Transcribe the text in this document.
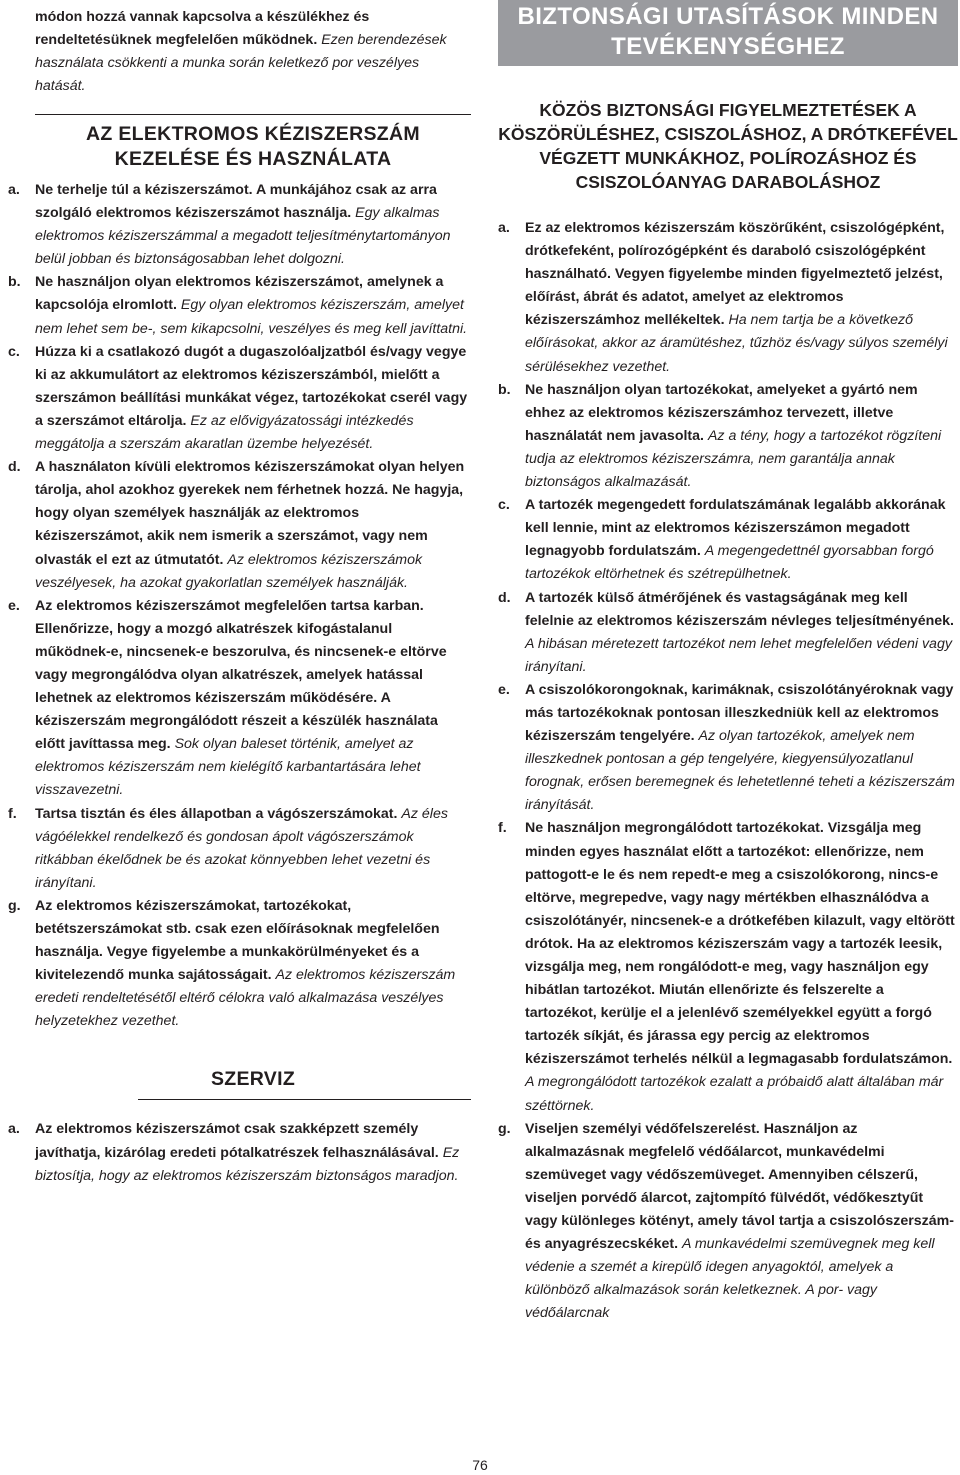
módon hozzá vannak kapcsolva a készülékhez és rendeltetésüknek megfelelően működnek. Ezen berendezések használata csökkenti a munka során keletkező por veszélyes hatását.
AZ ELEKTROMOS KÉZISZERSZÁM KEZELÉSE ÉS HASZNÁLATA
a.	Ne terhelje túl a kéziszerszámot. A munkájához csak az arra szolgáló elektromos kéziszerszámot használja. Egy alkalmas elektromos kéziszerszámmal a megadott teljesítménytartományon belül jobban és biztonságosabban lehet dolgozni.
b.	Ne használjon olyan elektromos kéziszerszámot, amelynek a kapcsolója elromlott. Egy olyan elektromos kéziszerszám, amelyet nem lehet sem be-, sem kikapcsolni, veszélyes és meg kell javíttatni.
c.	Húzza ki a csatlakozó dugót a dugaszolóaljzatból és/vagy vegye ki az akkumulátort az elektromos kéziszerszámból, mielőtt a szerszámon beállítási munkákat végez, tartozékokat cserél vagy a szerszámot eltárolja. Ez az elővigyázatossági intézkedés meggátolja a szerszám akaratlan üzembe helyezését.
d.	A használaton kívüli elektromos kéziszerszámokat olyan helyen tárolja, ahol azokhoz gyerekek nem férhetnek hozzá. Ne hagyja, hogy olyan személyek használják az elektromos kéziszerszámot, akik nem ismerik a szerszámot, vagy nem olvasták el ezt az útmutatót. Az elektromos kéziszerszámok veszélyesek, ha azokat gyakorlatlan személyek használják.
e.	Az elektromos kéziszerszámot megfelelően tartsa karban. Ellenőrizze, hogy a mozgó alkatrészek kifogástalanul működnek-e, nincsenek-e beszorulva, és nincsenek-e eltörve vagy megrongálódva olyan alkatrészek, amelyek hatással lehetnek az elektromos kéziszerszám működésére. A kéziszerszám megrongálódott részeit a készülék használata előtt javíttassa meg. Sok olyan baleset történik, amelyet az elektromos kéziszerszám nem kielégítő karbantartására lehet visszavezetni.
f.	Tartsa tisztán és éles állapotban a vágószerszámokat. Az éles vágóélekkel rendelkező és gondosan ápolt vágószerszámok ritkábban ékelődnek be és azokat könnyebben lehet vezetni és irányítani.
g.	Az elektromos kéziszerszámokat, tartozékokat, betétszerszámokat stb. csak ezen előírásoknak megfelelően használja. Vegye figyelembe a munkakörülményeket és a kivitelezendő munka sajátosságait. Az elektromos kéziszerszám eredeti rendeltetésétől eltérő célokra való alkalmazása veszélyes helyzetekhez vezethet.
SZERVIZ
a.	Az elektromos kéziszerszámot csak szakképzett személy javíthatja, kizárólag eredeti pótalkatrészek felhasználásával. Ez biztosítja, hogy az elektromos kéziszerszám biztonságos maradjon.
BIZTONSÁGI UTASÍTÁSOK MINDEN TEVÉKENYSÉGHEZ
KÖZÖS BIZTONSÁGI FIGYELMEZTETÉSEK A KÖSZÖRÜLÉSHEZ, CSISZOLÁSHOZ, A DRÓTKEFÉVEL VÉGZETT MUNKÁKHOZ, POLÍROZÁSHOZ ÉS CSISZOLÓANYAG DARABOLÁSHOZ
a.	Ez az elektromos kéziszerszám köszörűként, csiszológépként, drótkefeként, polírozógépként és daraboló csiszológépként használható. Vegyen figyelembe minden figyelmeztető jelzést, előírást, ábrát és adatot, amelyet az elektromos kéziszerszámhoz mellékeltek. Ha nem tartja be a következő előírásokat, akkor az áramütéshez, tűzhöz és/vagy súlyos személyi sérülésekhez vezethet.
b.	Ne használjon olyan tartozékokat, amelyeket a gyártó nem ehhez az elektromos kéziszerszámhoz tervezett, illetve használatát nem javasolta. Az a tény, hogy a tartozékot rögzíteni tudja az elektromos kéziszerszámra, nem garantálja annak biztonságos alkalmazását.
c.	A tartozék megengedett fordulatszámának legalább akkorának kell lennie, mint az elektromos kéziszerszámon megadott legnagyobb fordulatszám. A megengedettnél gyorsabban forgó tartozékok eltörhetnek és szétrepülhetnek.
d.	A tartozék külső átmérőjének és vastagságának meg kell felelnie az elektromos kéziszerszám névleges teljesítményének. A hibásan méretezett tartozékot nem lehet megfelelően védeni vagy irányítani.
e.	A csiszolókorongoknak, karimáknak, csiszolótányéroknak vagy más tartozékoknak pontosan illeszkedniük kell az elektromos kéziszerszám tengelyére. Az olyan tartozékok, amelyek nem illeszkednek pontosan a gép tengelyére, kiegyensúlyozatlanul forognak, erősen beremegnek és lehetetlenné teheti a kéziszerszám irányítását.
f.	Ne használjon megrongálódott tartozékokat. Vizsgálja meg minden egyes használat előtt a tartozékot: ellenőrizze, nem pattogott-e le és nem repedt-e meg a csiszolókorong, nincs-e eltörve, megrepedve, vagy nagy mértékben elhasználódva a csiszolótányér, nincsenek-e a drótkefében kilazult, vagy eltörött drótok. Ha az elektromos kéziszerszám vagy a tartozék leesik, vizsgálja meg, nem rongálódott-e meg, vagy használjon egy hibátlan tartozékot. Miután ellenőrizte és felszerelte a tartozékot, kerülje el a jelenlévő személyekkel együtt a forgó tartozék síkját, és járassa egy percig az elektromos kéziszerszámot terhelés nélkül a legmagasabb fordulatszámon. A megrongálódott tartozékok ezalatt a próbaidő alatt általában már széttörnek.
g.	Viseljen személyi védőfelszerelést. Használjon az alkalmazásnak megfelelő védőálarcot, munkavédelmi szemüveget vagy védőszemüveget. Amennyiben célszerű, viseljen porvédő álarcot, zajtompító fülvédőt, védőkesztyűt vagy különleges kötényt, amely távol tartja a csiszolószerszám-és anyagrészecskéket. A munkavédelmi szemüvegnek meg kell védenie a szemét a kirepülő idegen anyagoktól, amelyek a különböző alkalmazások során keletkeznek. A por- vagy védőálarcnak
76
